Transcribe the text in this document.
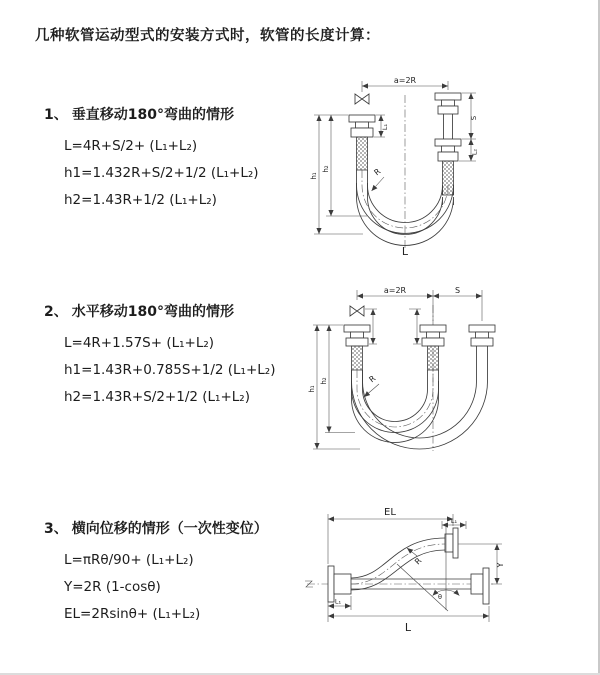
几种软管运动型式的安装方式时，软管的长度计算：
1、 垂直移动180°弯曲的情形
L=4R+S/2+ (L₁+L₂)
h1=1.432R+S/2+1/2 (L₁+L₂)
h2=1.43R+1/2 (L₁+L₂)
2、 水平移动180°弯曲的情形
L=4R+1.57S+ (L₁+L₂)
h1=1.43R+0.785S+1/2 (L₁+L₂)
h2=1.43R+S/2+1/2 (L₁+L₂)
3、 横向位移的情形（一次性变位）
L=πRθ/90+ (L₁+L₂)
Y=2R (1-cosθ)
EL=2Rsinθ+ (L₁+L₂)
a=2R
S
L₂
L₁
h₁
h₂	R
L
a=2R	S
h₁
h₂	R
θ
R
EL
L₁
Y
L₁
L
